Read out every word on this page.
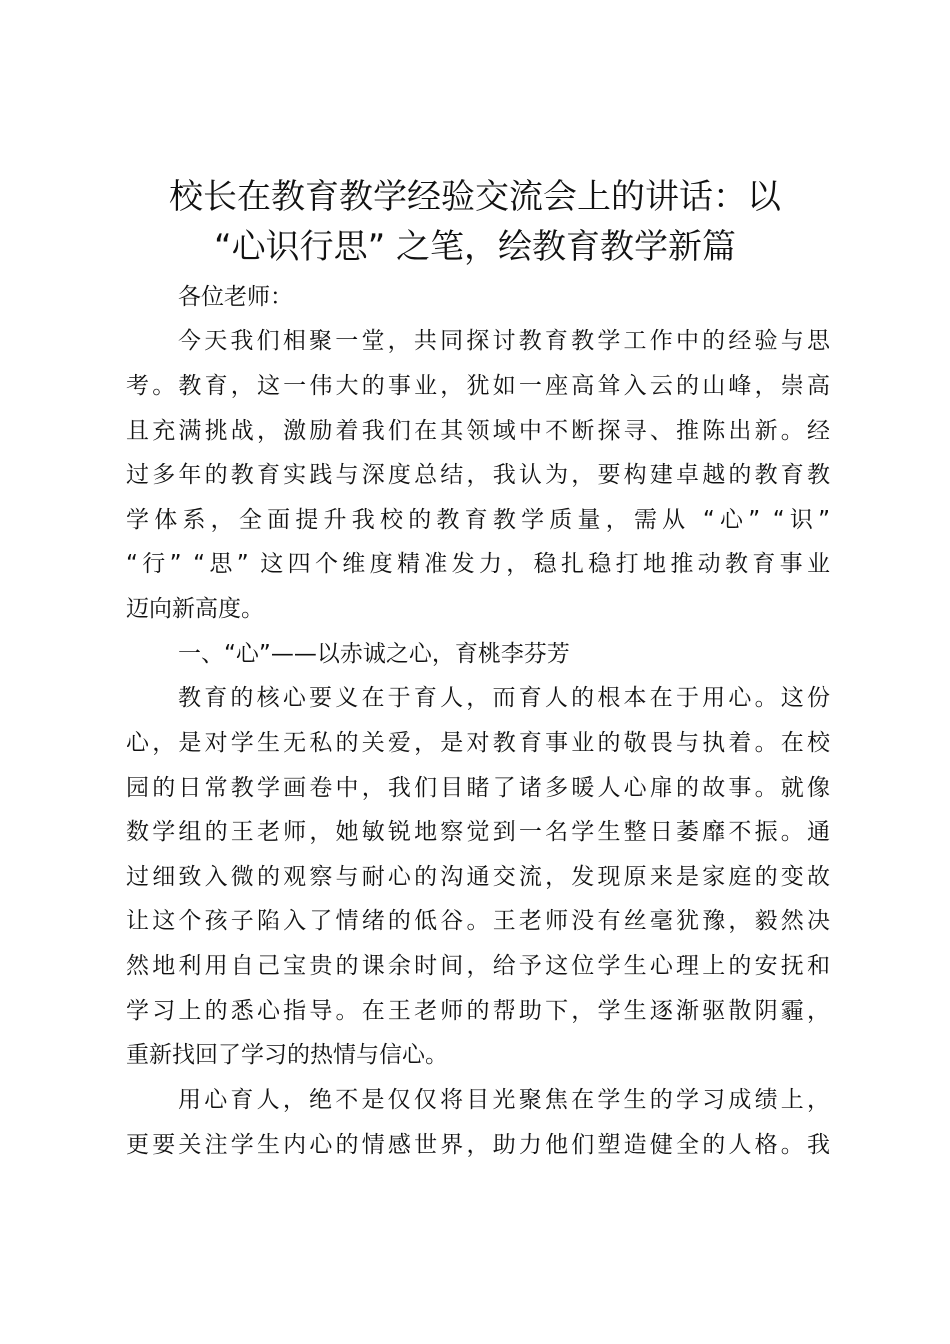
校长在教育教学经验交流会上的讲话：以
“心识行思” 之笔，绘教育教学新篇
各位老师：
今天我们相聚一堂，共同探讨教育教学工作中的经验与思
考。教育，这一伟大的事业，犹如一座高耸入云的山峰，崇高
且充满挑战，激励着我们在其领域中不断探寻、推陈出新。经
过多年的教育实践与深度总结，我认为，要构建卓越的教育教
学体系，全面提升我校的教育教学质量，需从 “心” “识”
“行” “思” 这四个维度精准发力，稳扎稳打地推动教育事业
迈向新高度。
一、“心”——以赤诚之心，育桃李芬芳
教育的核心要义在于育人，而育人的根本在于用心。这份
心，是对学生无私的关爱，是对教育事业的敬畏与执着。在校
园的日常教学画卷中，我们目睹了诸多暖人心扉的故事。就像
数学组的王老师，她敏锐地察觉到一名学生整日萎靡不振。通
过细致入微的观察与耐心的沟通交流，发现原来是家庭的变故
让这个孩子陷入了情绪的低谷。王老师没有丝毫犹豫，毅然决
然地利用自己宝贵的课余时间，给予这位学生心理上的安抚和
学习上的悉心指导。在王老师的帮助下，学生逐渐驱散阴霾，
重新找回了学习的热情与信心。
用心育人，绝不是仅仅将目光聚焦在学生的学习成绩上，
更要关注学生内心的情感世界，助力他们塑造健全的人格。我
